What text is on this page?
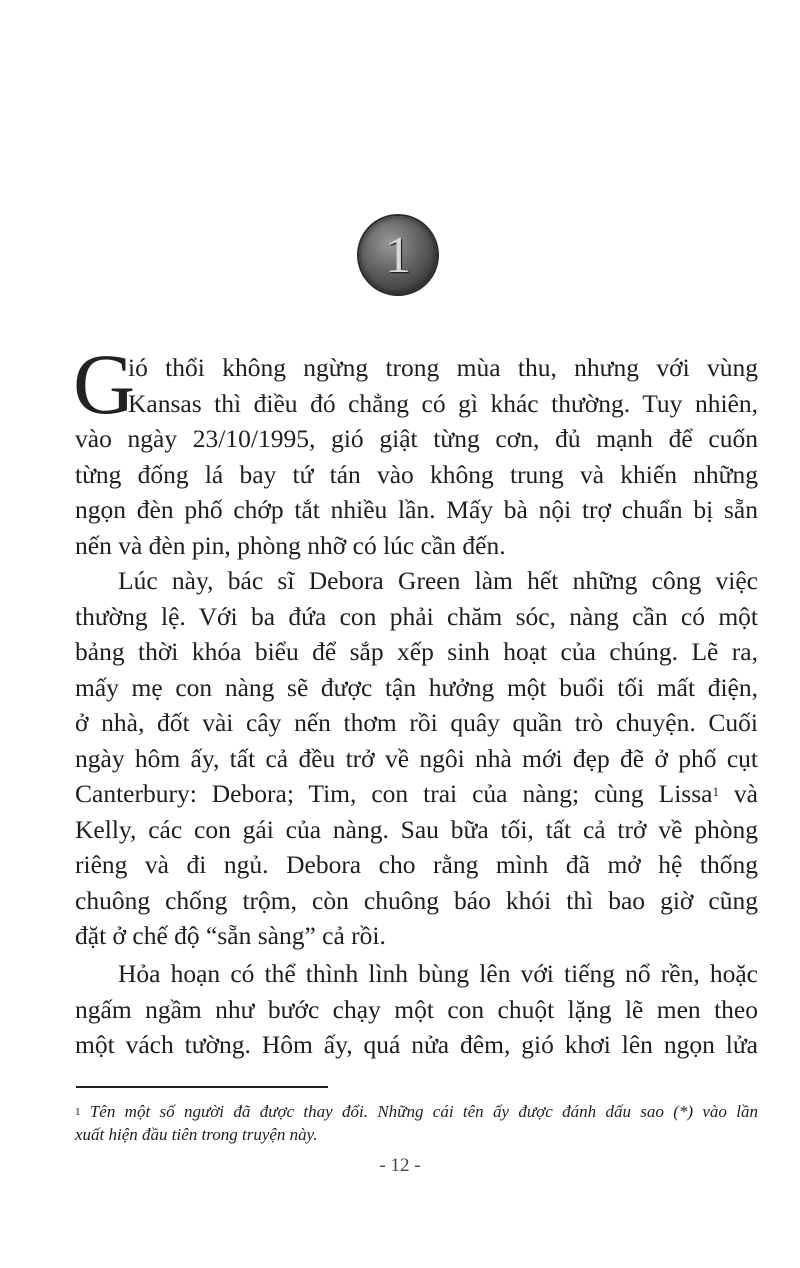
1
G
ió thổi không ngừng trong mùa thu, nhưng với vùng
Kansas thì điều đó chẳng có gì khác thường. Tuy nhiên,
vào ngày 23/10/1995, gió giật từng cơn, đủ mạnh để cuốn
từng đống lá bay tứ tán vào không trung và khiến những
ngọn đèn phố chớp tắt nhiều lần. Mấy bà nội trợ chuẩn bị sẵn
nến và đèn pin, phòng nhỡ có lúc cần đến.
Lúc này, bác sĩ Debora Green làm hết những công việc
thường lệ. Với ba đứa con phải chăm sóc, nàng cần có một
bảng thời khóa biểu để sắp xếp sinh hoạt của chúng. Lẽ ra,
mấy mẹ con nàng sẽ được tận hưởng một buổi tối mất điện,
ở nhà, đốt vài cây nến thơm rồi quây quần trò chuyện. Cuối
ngày hôm ấy, tất cả đều trở về ngôi nhà mới đẹp đẽ ở phố cụt
Canterbury: Debora; Tim, con trai của nàng; cùng Lissa$^1$ và
Kelly, các con gái của nàng. Sau bữa tối, tất cả trở về phòng
riêng và đi ngủ. Debora cho rằng mình đã mở hệ thống
chuông chống trộm, còn chuông báo khói thì bao giờ cũng
đặt ở chế độ “sẵn sàng” cả rồi.
Hỏa hoạn có thể thình lình bùng lên với tiếng nổ rền, hoặc
ngấm ngầm như bước chạy một con chuột lặng lẽ men theo
một vách tường. Hôm ấy, quá nửa đêm, gió khơi lên ngọn lửa
$^1$ Tên một số người đã được thay đổi. Những cái tên ấy được đánh dấu sao (*) vào lần
xuất hiện đầu tiên trong truyện này.
- 12 -
